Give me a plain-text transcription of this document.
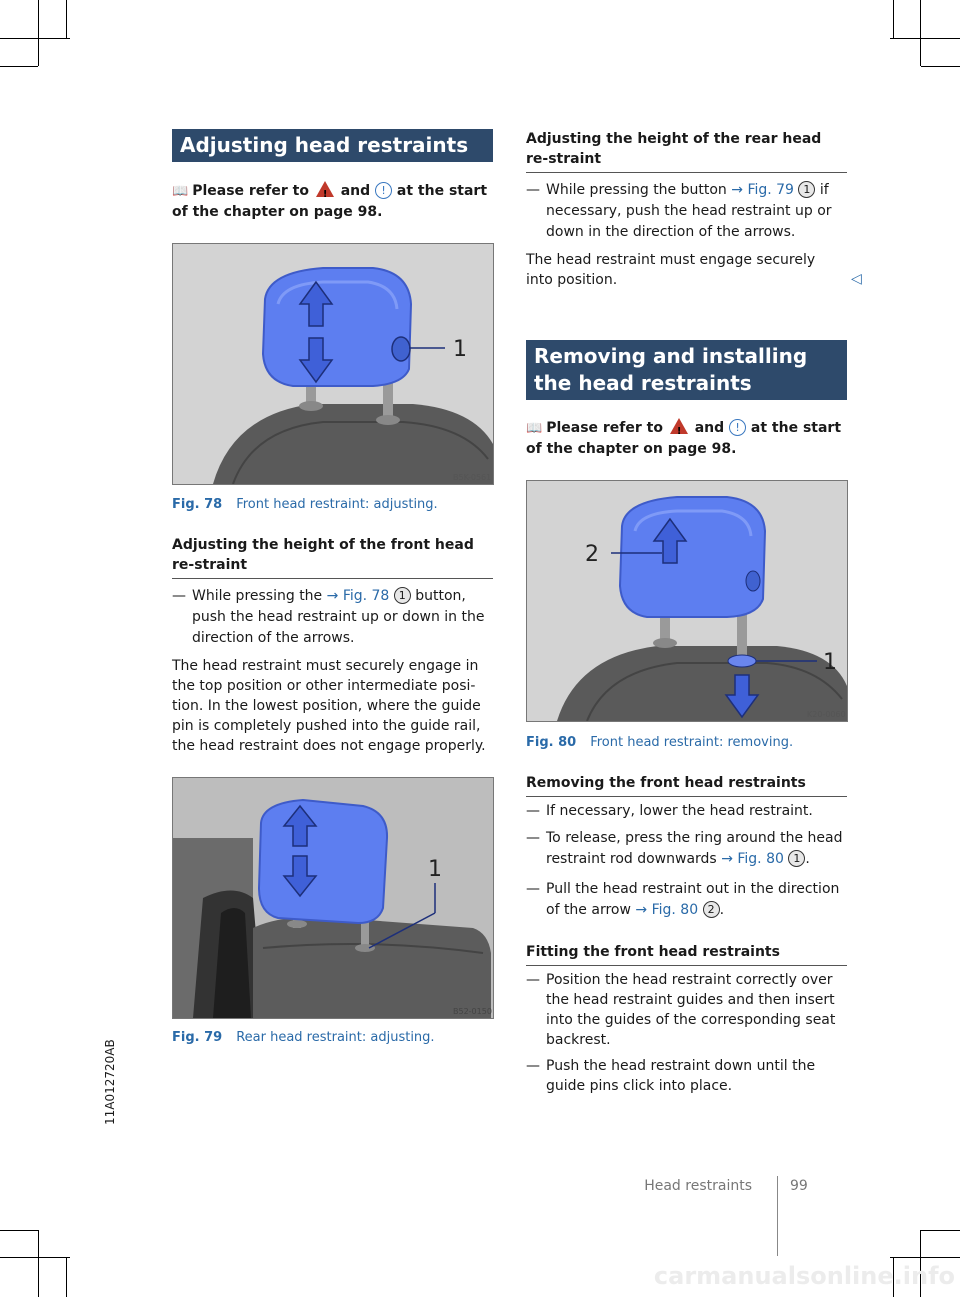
Adjusting head restraints
📖 Please refer to ! and ! at the start of the chapter on page 98.
1
B5K-0561
Fig. 78 Front head restraint: adjusting.
Adjusting the height of the front head re-straint
— While pressing the → Fig. 78 1 button, push the head restraint up or down in the direction of the arrows.
The head restraint must securely engage in the top position or other intermediate posi-tion. In the lowest position, where the guide pin is completely pushed into the guide rail, the head restraint does not engage properly.
1
B52-0150
Fig. 79 Rear head restraint: adjusting.
Adjusting the height of the rear head re-straint
— While pressing the button → Fig. 79 1 if necessary, push the head restraint up or down in the direction of the arrows.
The head restraint must engage securely into position.	◁
Removing and installing the head restraints
📖 Please refer to ! and ! at the start of the chapter on page 98.
2
1
K20-0060
Fig. 80 Front head restraint: removing.
Removing the front head restraints
— If necessary, lower the head restraint.
— To release, press the ring around the head restraint rod downwards → Fig. 80 1 .
— Pull the head restraint out in the direction of the arrow → Fig. 80 2 .
Fitting the front head restraints
— Position the head restraint correctly over the head restraint guides and then insert into the guides of the corresponding seat backrest.
— Push the head restraint down until the guide pins click into place.
11A012720AB
Head restraints	99
carmanualsonline.info
